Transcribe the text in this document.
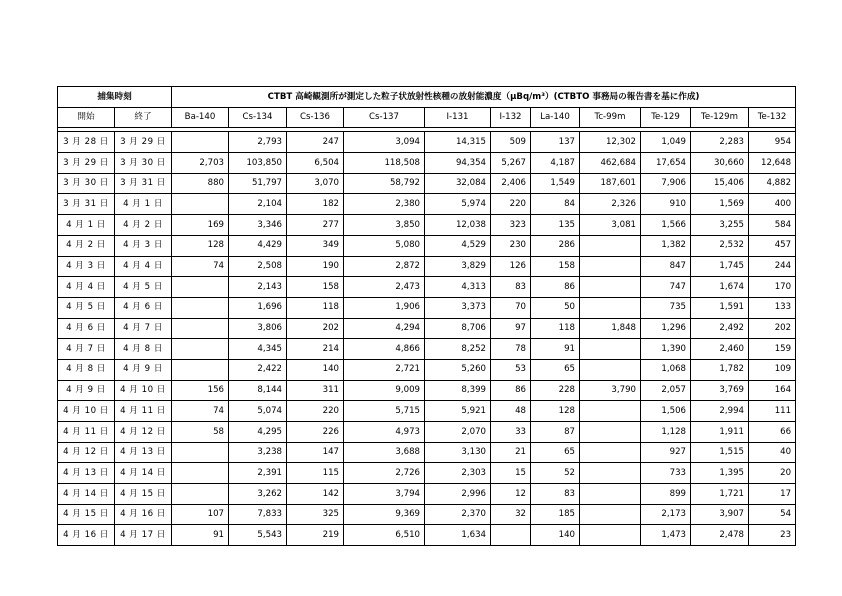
捕集時刻		CTBT 高崎観測所が測定した粒子状放射性核種の放射能濃度（μBq/m³）(CTBTO 事務局の報告書を基に作成)										
開始	終了	Ba-140	Cs-134	Cs-136	Cs-137	I-131	I-132	La-140	Tc-99m	Te-129	Te-129m	Te-132

3 月 28 日	3 月 29 日		2,793	247	3,094	14,315	509	137	12,302	1,049	2,283	954
3 月 29 日	3 月 30 日	2,703	103,850	6,504	118,508	94,354	5,267	4,187	462,684	17,654	30,660	12,648
3 月 30 日	3 月 31 日	880	51,797	3,070	58,792	32,084	2,406	1,549	187,601	7,906	15,406	4,882
3 月 31 日	4 月 1 日		2,104	182	2,380	5,974	220	84	2,326	910	1,569	400
4 月 1 日	4 月 2 日	169	3,346	277	3,850	12,038	323	135	3,081	1,566	3,255	584
4 月 2 日	4 月 3 日	128	4,429	349	5,080	4,529	230	286		1,382	2,532	457
4 月 3 日	4 月 4 日	74	2,508	190	2,872	3,829	126	158		847	1,745	244
4 月 4 日	4 月 5 日		2,143	158	2,473	4,313	83	86		747	1,674	170
4 月 5 日	4 月 6 日		1,696	118	1,906	3,373	70	50		735	1,591	133
4 月 6 日	4 月 7 日		3,806	202	4,294	8,706	97	118	1,848	1,296	2,492	202
4 月 7 日	4 月 8 日		4,345	214	4,866	8,252	78	91		1,390	2,460	159
4 月 8 日	4 月 9 日		2,422	140	2,721	5,260	53	65		1,068	1,782	109
4 月 9 日	4 月 10 日	156	8,144	311	9,009	8,399	86	228	3,790	2,057	3,769	164
4 月 10 日	4 月 11 日	74	5,074	220	5,715	5,921	48	128		1,506	2,994	111
4 月 11 日	4 月 12 日	58	4,295	226	4,973	2,070	33	87		1,128	1,911	66
4 月 12 日	4 月 13 日		3,238	147	3,688	3,130	21	65		927	1,515	40
4 月 13 日	4 月 14 日		2,391	115	2,726	2,303	15	52		733	1,395	20
4 月 14 日	4 月 15 日		3,262	142	3,794	2,996	12	83		899	1,721	17
4 月 15 日	4 月 16 日	107	7,833	325	9,369	2,370	32	185		2,173	3,907	54
4 月 16 日	4 月 17 日	91	5,543	219	6,510	1,634		140		1,473	2,478	23
